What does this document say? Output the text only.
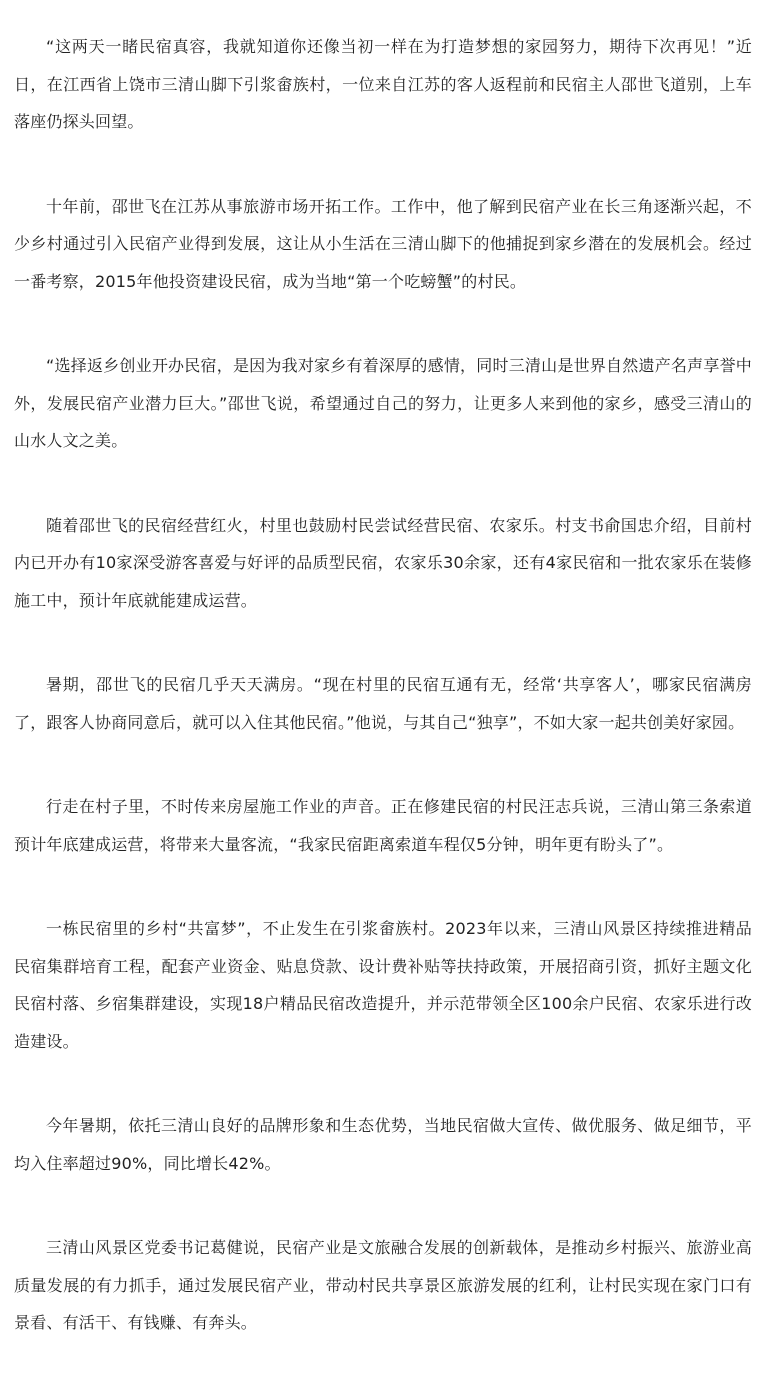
“这两天一睹民宿真容，我就知道你还像当初一样在为打造梦想的家园努力，期待下次再见！”近日，在江西省上饶市三清山脚下引浆畲族村，一位来自江苏的客人返程前和民宿主人邵世飞道别，上车落座仍探头回望。

十年前，邵世飞在江苏从事旅游市场开拓工作。工作中，他了解到民宿产业在长三角逐渐兴起，不少乡村通过引入民宿产业得到发展，这让从小生活在三清山脚下的他捕捉到家乡潜在的发展机会。经过一番考察，2015年他投资建设民宿，成为当地“第一个吃螃蟹”的村民。

“选择返乡创业开办民宿，是因为我对家乡有着深厚的感情，同时三清山是世界自然遗产名声享誉中外，发展民宿产业潜力巨大。”邵世飞说，希望通过自己的努力，让更多人来到他的家乡，感受三清山的山水人文之美。

随着邵世飞的民宿经营红火，村里也鼓励村民尝试经营民宿、农家乐。村支书俞国忠介绍，目前村内已开办有10家深受游客喜爱与好评的品质型民宿，农家乐30余家，还有4家民宿和一批农家乐在装修施工中，预计年底就能建成运营。

暑期，邵世飞的民宿几乎天天满房。“现在村里的民宿互通有无，经常‘共享客人’，哪家民宿满房了，跟客人协商同意后，就可以入住其他民宿。”他说，与其自己“独享”，不如大家一起共创美好家园。

行走在村子里，不时传来房屋施工作业的声音。正在修建民宿的村民汪志兵说，三清山第三条索道预计年底建成运营，将带来大量客流，“我家民宿距离索道车程仅5分钟，明年更有盼头了”。

一栋民宿里的乡村“共富梦”，不止发生在引浆畲族村。2023年以来，三清山风景区持续推进精品民宿集群培育工程，配套产业资金、贴息贷款、设计费补贴等扶持政策，开展招商引资，抓好主题文化民宿村落、乡宿集群建设，实现18户精品民宿改造提升，并示范带领全区100余户民宿、农家乐进行改造建设。

今年暑期，依托三清山良好的品牌形象和生态优势，当地民宿做大宣传、做优服务、做足细节，平均入住率超过90%，同比增长42%。

三清山风景区党委书记葛健说，民宿产业是文旅融合发展的创新载体，是推动乡村振兴、旅游业高质量发展的有力抓手，通过发展民宿产业，带动村民共享景区旅游发展的红利，让村民实现在家门口有景看、有活干、有钱赚、有奔头。
